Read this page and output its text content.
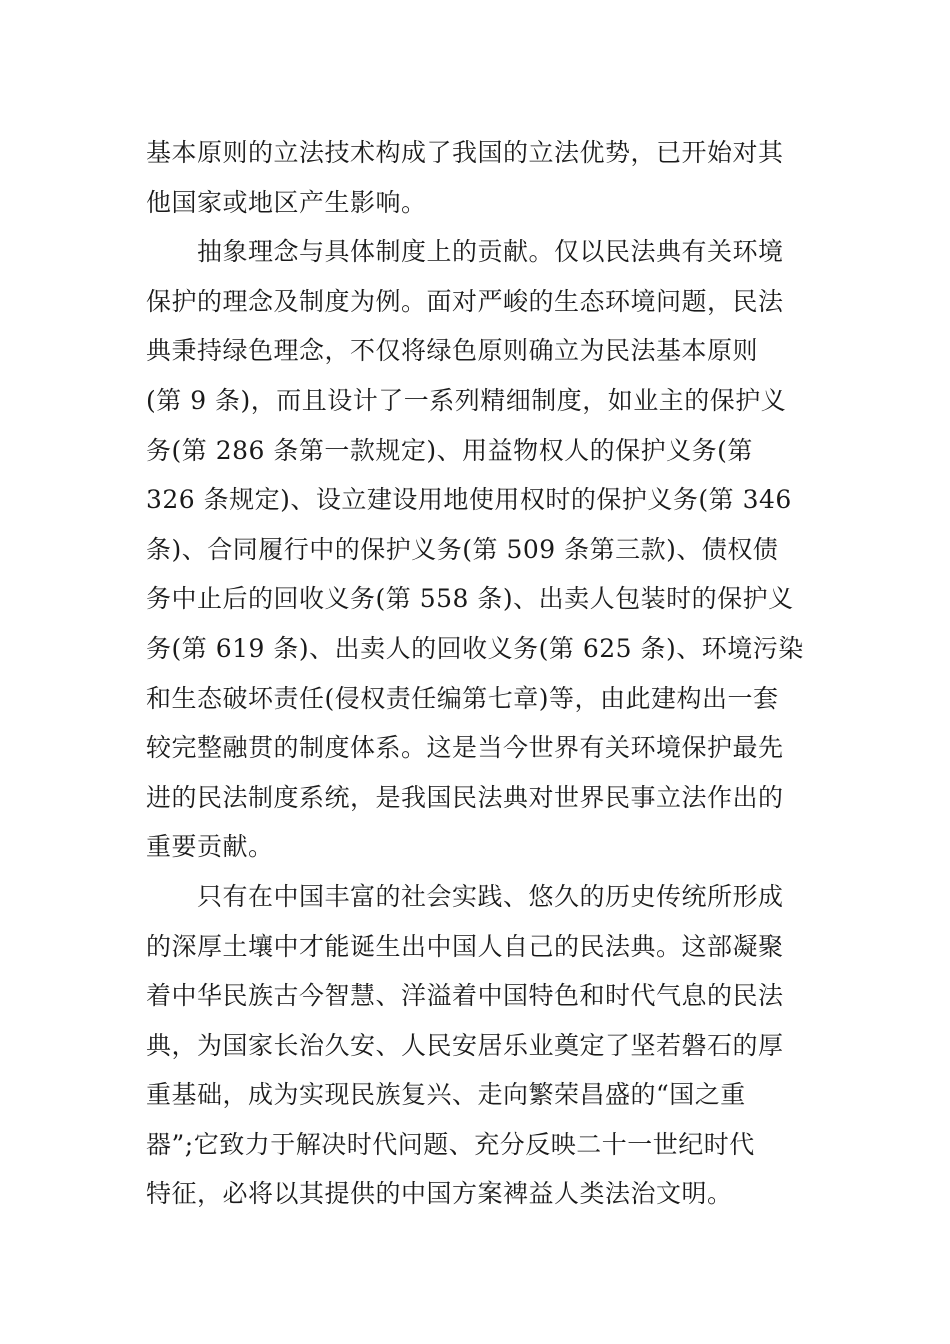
基本原则的立法技术构成了我国的立法优势，已开始对其
他国家或地区产生影响。
　　抽象理念与具体制度上的贡献。仅以民法典有关环境
保护的理念及制度为例。面对严峻的生态环境问题，民法
典秉持绿色理念，不仅将绿色原则确立为民法基本原则
(第 9 条)，而且设计了一系列精细制度，如业主的保护义
务(第 286 条第一款规定)、用益物权人的保护义务(第
326 条规定)、设立建设用地使用权时的保护义务(第 346
条)、合同履行中的保护义务(第 509 条第三款)、债权债
务中止后的回收义务(第 558 条)、出卖人包装时的保护义
务(第 619 条)、出卖人的回收义务(第 625 条)、环境污染
和生态破坏责任(侵权责任编第七章)等，由此建构出一套
较完整融贯的制度体系。这是当今世界有关环境保护最先
进的民法制度系统，是我国民法典对世界民事立法作出的
重要贡献。
　　只有在中国丰富的社会实践、悠久的历史传统所形成
的深厚土壤中才能诞生出中国人自己的民法典。这部凝聚
着中华民族古今智慧、洋溢着中国特色和时代气息的民法
典，为国家长治久安、人民安居乐业奠定了坚若磐石的厚
重基础，成为实现民族复兴、走向繁荣昌盛的“国之重
器”;它致力于解决时代问题、充分反映二十一世纪时代
特征，必将以其提供的中国方案裨益人类法治文明。
